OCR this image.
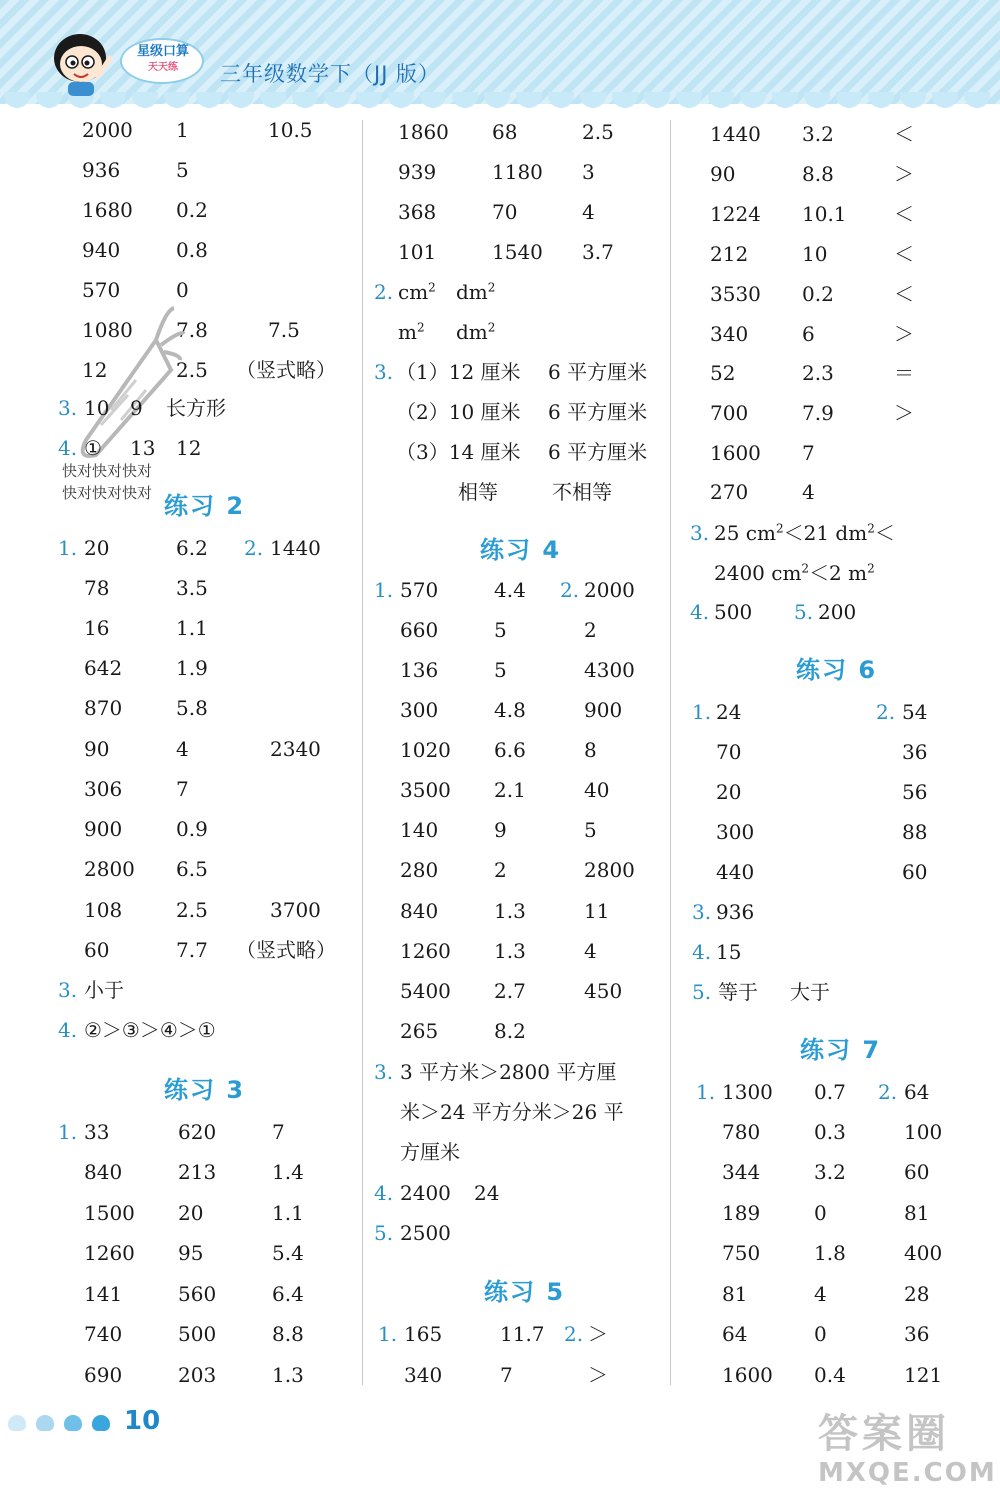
星级口算
天天练	三年级数学下（JJ 版）
2000 1	10.5
936	5
1680 0.2
940	0.8
570	0
1080 7.8	7.5
12	2.5 （竖式略）
3. 10 9 长方形
4. ① 13 12
快对快对快对
快对快对快对 练习 2
1. 20	6.2 2. 1440
78	3.5
16	1.1
642	1.9
870	5.8
90	4	2340
306	7
900	0.9
2800 6.5
108	2.5	3700
60	7.7 （竖式略）
3. 小于
4. ②＞③＞④＞①
练习 3
1. 33	620	7
840	213	1.4
1500 20	1.1
1260 95	5.4
141	560	6.4
740	500	8.8
690	203	1.3
1860 68	2.5
939	1180 3
368	70	4
101	1540 3.7
2. $cm^2$ $dm^2$
$m^2$ $dm^2$
3. （1）12 厘米 6 平方厘米
（2）10 厘米 6 平方厘米
（3）14 厘米 6 平方厘米
相等	不相等
练习 4
1. 570	4.4 2. 2000
660	5	2
136	5	4300
300	4.8	900
1020 6.6	8
3500 2.1	40
140	9	5
280	2	2800
840	1.3	11
1260 1.3	4
5400 2.7	450
265	8.2
3. 3 平方米＞2800 平方厘
米＞24 平方分米＞26 平
方厘米
4. 2400 24
5. 2500
练习 5
1. 165	11.7 2. ＞
340	7	＞
1440 3.2	＜
90	8.8	＞
1224 10.1 ＜
212	10	＜
3530 0.2	＜
340	6	＞
52	2.3	＝
700	7.9	＞
1600 7
270	4
3. 25 $cm^2<21$ $dm^2<$
2400 $cm^2<2$ $m^2$
4. 500 5. 200
练习 6
1. 24	2. 54
70	36
20	56
300	88
440	60
3. 936
4. 15
5. 等于 大于
练习 7
1. 1300 0.7 2. 64
780	0.3	100
344	3.2	60
189	0	81
750	1.8	400
81	4	28
64	0	36
1600 0.4	121
10	答案圈
MXQE.COM
